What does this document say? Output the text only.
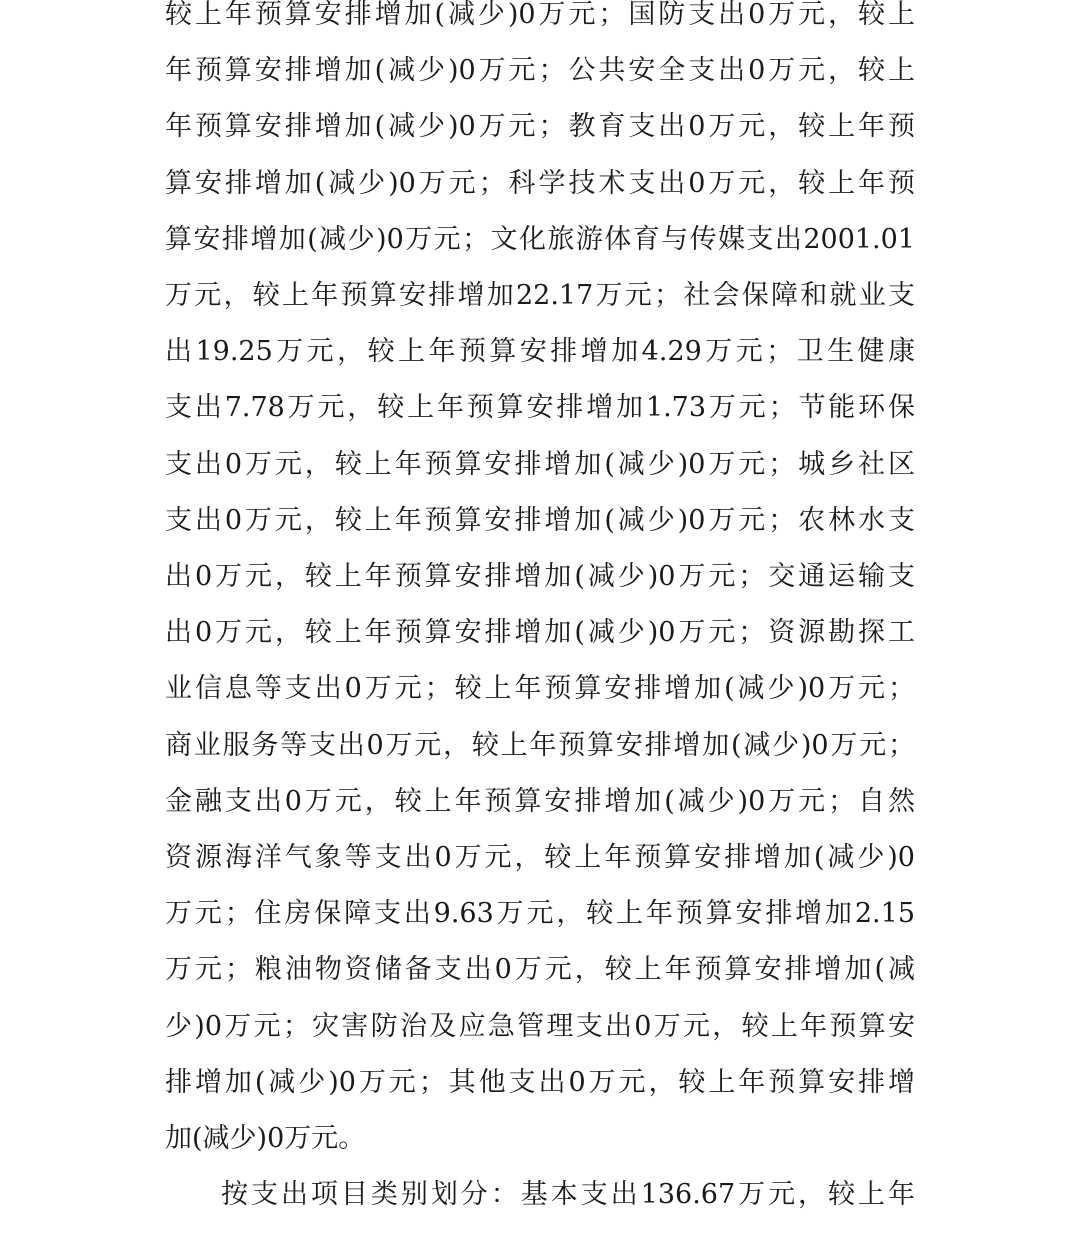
较上年预算安排增加(减少)0万元；国防支出0万元，较上
年预算安排增加(减少)0万元；公共安全支出0万元，较上
年预算安排增加(减少)0万元；教育支出0万元，较上年预
算安排增加(减少)0万元；科学技术支出0万元，较上年预
算安排增加(减少)0万元；文化旅游体育与传媒支出2001.01
万元，较上年预算安排增加22.17万元；社会保障和就业支
出19.25万元，较上年预算安排增加4.29万元；卫生健康
支出7.78万元，较上年预算安排增加1.73万元；节能环保
支出0万元，较上年预算安排增加(减少)0万元；城乡社区
支出0万元，较上年预算安排增加(减少)0万元；农林水支
出0万元，较上年预算安排增加(减少)0万元；交通运输支
出0万元，较上年预算安排增加(减少)0万元；资源勘探工
业信息等支出0万元；较上年预算安排增加(减少)0万元；
商业服务等支出0万元，较上年预算安排增加(减少)0万元；
金融支出0万元，较上年预算安排增加(减少)0万元；自然
资源海洋气象等支出0万元，较上年预算安排增加(减少)0
万元；住房保障支出9.63万元，较上年预算安排增加2.15
万元；粮油物资储备支出0万元，较上年预算安排增加(减
少)0万元；灾害防治及应急管理支出0万元，较上年预算安
排增加(减少)0万元；其他支出0万元，较上年预算安排增
加(减少)0万元。
按支出项目类别划分：基本支出136.67万元，较上年
